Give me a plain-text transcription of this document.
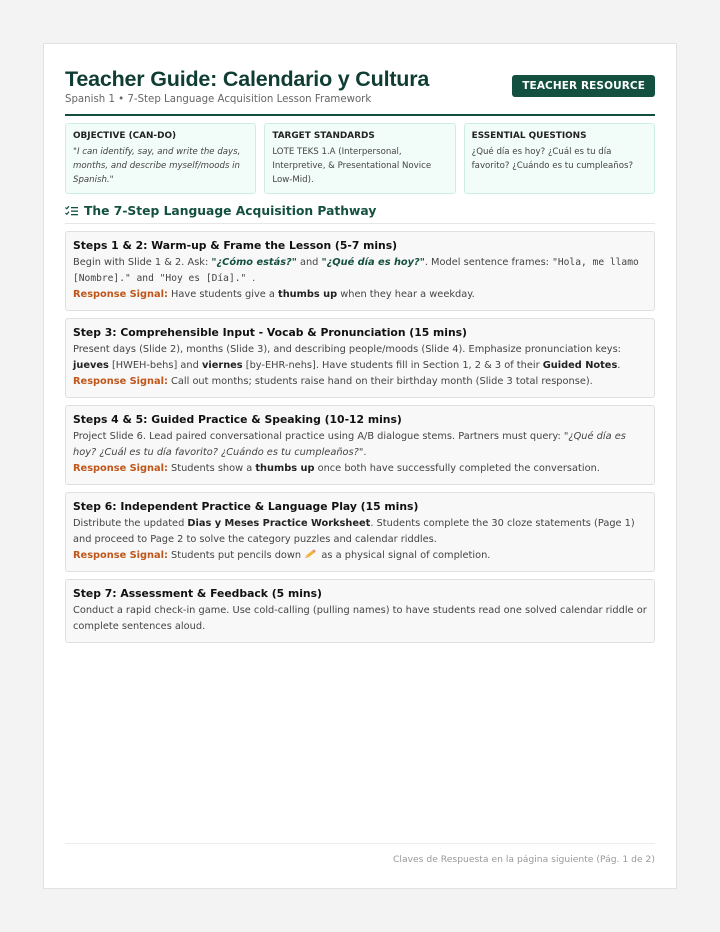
Teacher Guide: Calendario y Cultura
Spanish 1 • 7-Step Language Acquisition Lesson Framework
TEACHER RESOURCE
OBJECTIVE (CAN-DO)
"I can identify, say, and write the days, months, and describe myself/moods in Spanish."
TARGET STANDARDS
LOTE TEKS 1.A (Interpersonal, Interpretive, & Presentational Novice Low-Mid).
ESSENTIAL QUESTIONS
¿Qué día es hoy? ¿Cuál es tu día favorito? ¿Cuándo es tu cumpleaños?
The 7-Step Language Acquisition Pathway
Steps 1 & 2: Warm-up & Frame the Lesson (5-7 mins)
Begin with Slide 1 & 2. Ask: "¿Cómo estás?" and "¿Qué día es hoy?". Model sentence frames: "Hola, me llamo [Nombre]." and "Hoy es [Día]." .
Response Signal: Have students give a thumbs up when they hear a weekday.
Step 3: Comprehensible Input - Vocab & Pronunciation (15 mins)
Present days (Slide 2), months (Slide 3), and describing people/moods (Slide 4). Emphasize pronunciation keys: jueves [HWEH-behs] and viernes [by-EHR-nehs]. Have students fill in Section 1, 2 & 3 of their Guided Notes.
Response Signal: Call out months; students raise hand on their birthday month (Slide 3 total response).
Steps 4 & 5: Guided Practice & Speaking (10-12 mins)
Project Slide 6. Lead paired conversational practice using A/B dialogue stems. Partners must query: "¿Qué día es hoy? ¿Cuál es tu día favorito? ¿Cuándo es tu cumpleaños?".
Response Signal: Students show a thumbs up once both have successfully completed the conversation.
Step 6: Independent Practice & Language Play (15 mins)
Distribute the updated Dias y Meses Practice Worksheet. Students complete the 30 cloze statements (Page 1) and proceed to Page 2 to solve the category puzzles and calendar riddles.
Response Signal: Students put pencils down  as a physical signal of completion.
Step 7: Assessment & Feedback (5 mins)
Conduct a rapid check-in game. Use cold-calling (pulling names) to have students read one solved calendar riddle or complete sentences aloud.
Claves de Respuesta en la página siguiente (Pág. 1 de 2)
